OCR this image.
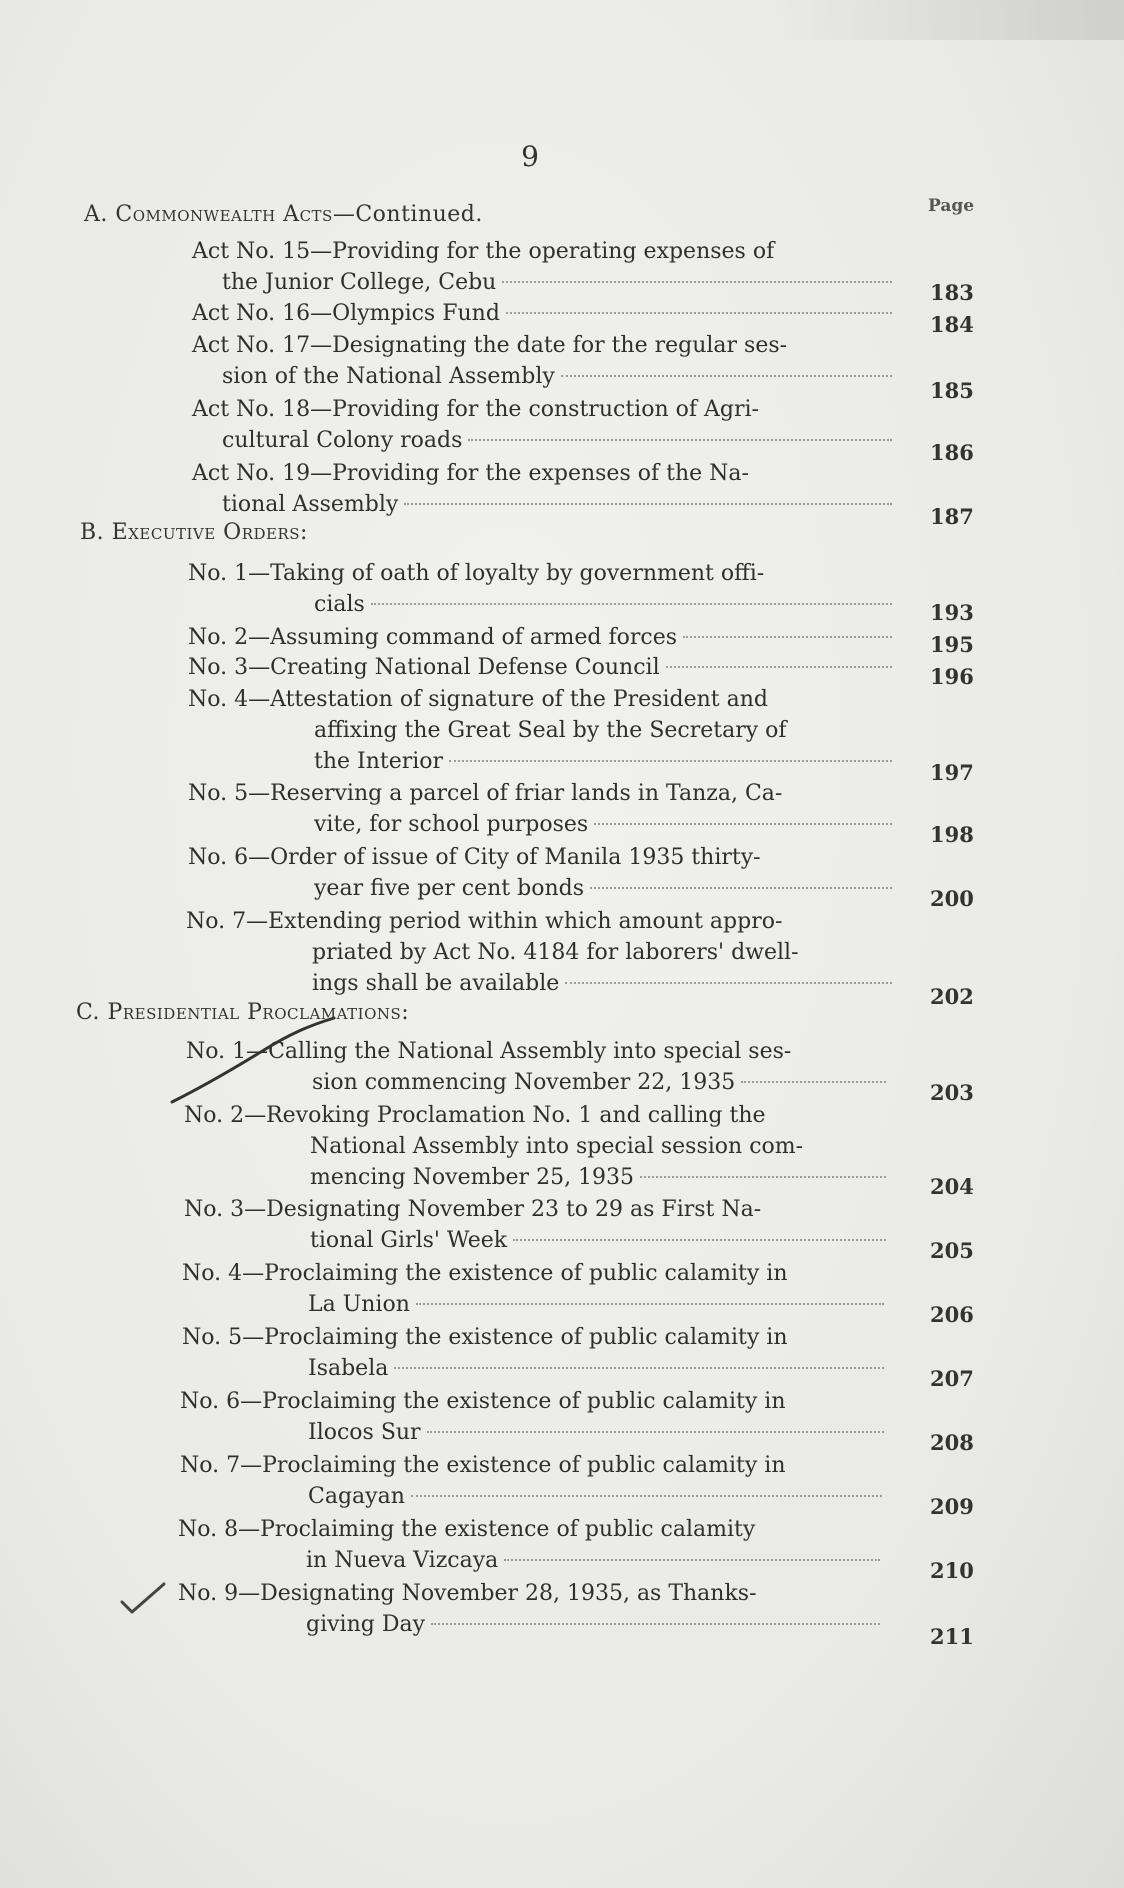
9
Page
A. Commonwealth Acts—Continued.
Act No. 15—Providing for the operating expenses of
the Junior College, Cebu	183
Act No. 16—Olympics Fund	184
Act No. 17—Designating the date for the regular ses-
sion of the National Assembly
185
Act No. 18—Providing for the construction of Agri-
cultural Colony roads	186
Act No. 19—Providing for the expenses of the Na-
tional Assembly	187
B. Executive Orders:
No. 1—Taking of oath of loyalty by government offi-
cials	193
No. 2—Assuming command of armed forces	195
No. 3—Creating National Defense Council	196
No. 4—Attestation of signature of the President and
affixing the Great Seal by the Secretary of
the Interior	197
No. 5—Reserving a parcel of friar lands in Tanza, Ca-
vite, for school purposes	198
No. 6—Order of issue of City of Manila 1935 thirty-
year five per cent bonds	200
No. 7—Extending period within which amount appro-
priated by Act No. 4184 for laborers' dwell-
ings shall be available
202
C. Presidential Proclamations:
No. 1—Calling the National Assembly into special ses-
sion commencing November 22, 1935	203
No. 2—Revoking Proclamation No. 1 and calling the
National Assembly into special session com-
mencing November 25, 1935	204
No. 3—Designating November 23 to 29 as First Na-
tional Girls' Week	205
No. 4—Proclaiming the existence of public calamity in
La Union	206
No. 5—Proclaiming the existence of public calamity in
Isabela	207
No. 6—Proclaiming the existence of public calamity in
Ilocos Sur	208
No. 7—Proclaiming the existence of public calamity in
Cagayan	209
No. 8—Proclaiming the existence of public calamity
in Nueva Vizcaya	210
No. 9—Designating November 28, 1935, as Thanks-
giving Day	211
